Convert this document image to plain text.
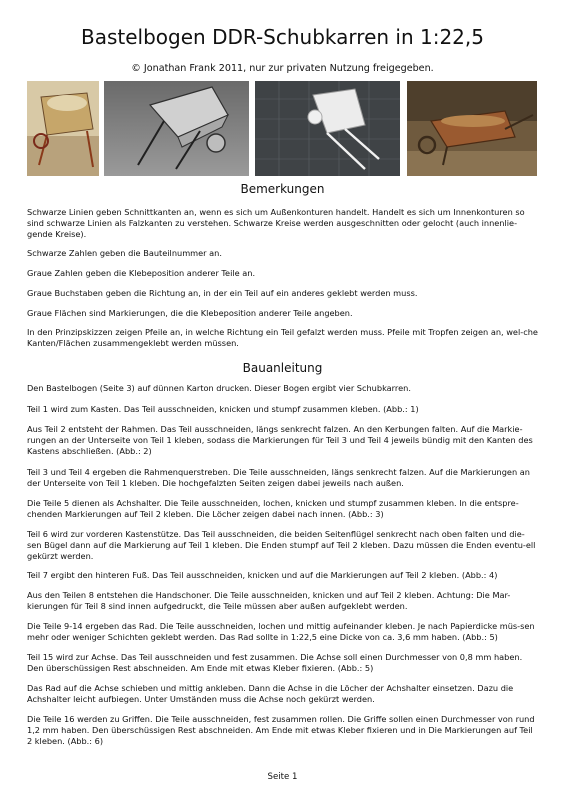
Bastelbogen DDR-Schubkarren in 1:22,5
© Jonathan Frank 2011, nur zur privaten Nutzung freigegeben.
Bemerkungen

Schwarze Linien geben Schnittkanten an, wenn es sich um Außenkonturen handelt. Handelt es sich um Innenkonturen so sind schwarze Linien als Falzkanten zu verstehen. Schwarze Kreise werden ausgeschnitten oder gelocht (auch innenlie-gende Kreise).

Schwarze Zahlen geben die Bauteilnummer an.

Graue Zahlen geben die Klebeposition anderer Teile an.

Graue Buchstaben geben die Richtung an, in der ein Teil auf ein anderes geklebt werden muss.

Graue Flächen sind Markierungen, die die Klebeposition anderer Teile angeben.

In den Prinzipskizzen zeigen Pfeile an, in welche Richtung ein Teil gefalzt werden muss. Pfeile mit Tropfen zeigen an, wel-che Kanten/Flächen zusammengeklebt werden müssen.

Bauanleitung

Den Bastelbogen (Seite 3) auf dünnen Karton drucken. Dieser Bogen ergibt vier Schubkarren.

Teil 1 wird zum Kasten. Das Teil ausschneiden, knicken und stumpf zusammen kleben. (Abb.: 1)

Aus Teil 2 entsteht der Rahmen. Das Teil ausschneiden, längs senkrecht falzen. An den Kerbungen falten. Auf die Markie-rungen an der Unterseite von Teil 1 kleben, sodass die Markierungen für Teil 3 und Teil 4 jeweils bündig mit den Kanten des Kastens abschließen. (Abb.: 2)

Teil 3 und Teil 4 ergeben die Rahmenquerstreben. Die Teile ausschneiden, längs senkrecht falzen. Auf die Markierungen an der Unterseite von Teil 1 kleben. Die hochgefalzten Seiten zeigen dabei jeweils nach außen.

Die Teile 5 dienen als Achshalter. Die Teile ausschneiden, lochen, knicken und stumpf zusammen kleben. In die entspre-chenden Markierungen auf Teil 2 kleben. Die Löcher zeigen dabei nach innen. (Abb.: 3)

Teil 6 wird zur vorderen Kastenstütze. Das Teil ausschneiden, die beiden Seitenflügel senkrecht nach oben falten und die-sen Bügel dann auf die Markierung auf Teil 1 kleben. Die Enden stumpf auf Teil 2 kleben. Dazu müssen die Enden eventu-ell gekürzt werden.

Teil 7 ergibt den hinteren Fuß. Das Teil ausschneiden, knicken und auf die Markierungen auf Teil 2 kleben. (Abb.: 4)

Aus den Teilen 8 entstehen die Handschoner. Die Teile ausschneiden, knicken und auf Teil 2 kleben. Achtung: Die Mar-kierungen für Teil 8 sind innen aufgedruckt, die Teile müssen aber außen aufgeklebt werden.

Die Teile 9-14 ergeben das Rad. Die Teile ausschneiden, lochen und mittig aufeinander kleben. Je nach Papierdicke müs-sen mehr oder weniger Schichten geklebt werden. Das Rad sollte in 1:22,5 eine Dicke von ca. 3,6 mm haben. (Abb.: 5)

Teil 15 wird zur Achse. Das Teil ausschneiden und fest zusammen. Die Achse soll einen Durchmesser von 0,8 mm haben. Den überschüssigen Rest abschneiden. Am Ende mit etwas Kleber fixieren. (Abb.: 5)

Das Rad auf die Achse schieben und mittig ankleben. Dann die Achse in die Löcher der Achshalter einsetzen. Dazu die Achshalter leicht aufbiegen. Unter Umständen muss die Achse noch gekürzt werden.

Die Teile 16 werden zu Griffen. Die Teile ausschneiden, fest zusammen rollen. Die Griffe sollen einen Durchmesser von rund 1,2 mm haben. Den überschüssigen Rest abschneiden. Am Ende mit etwas Kleber fixieren und in Die Markierungen auf Teil 2 kleben. (Abb.: 6)

Seite 1
